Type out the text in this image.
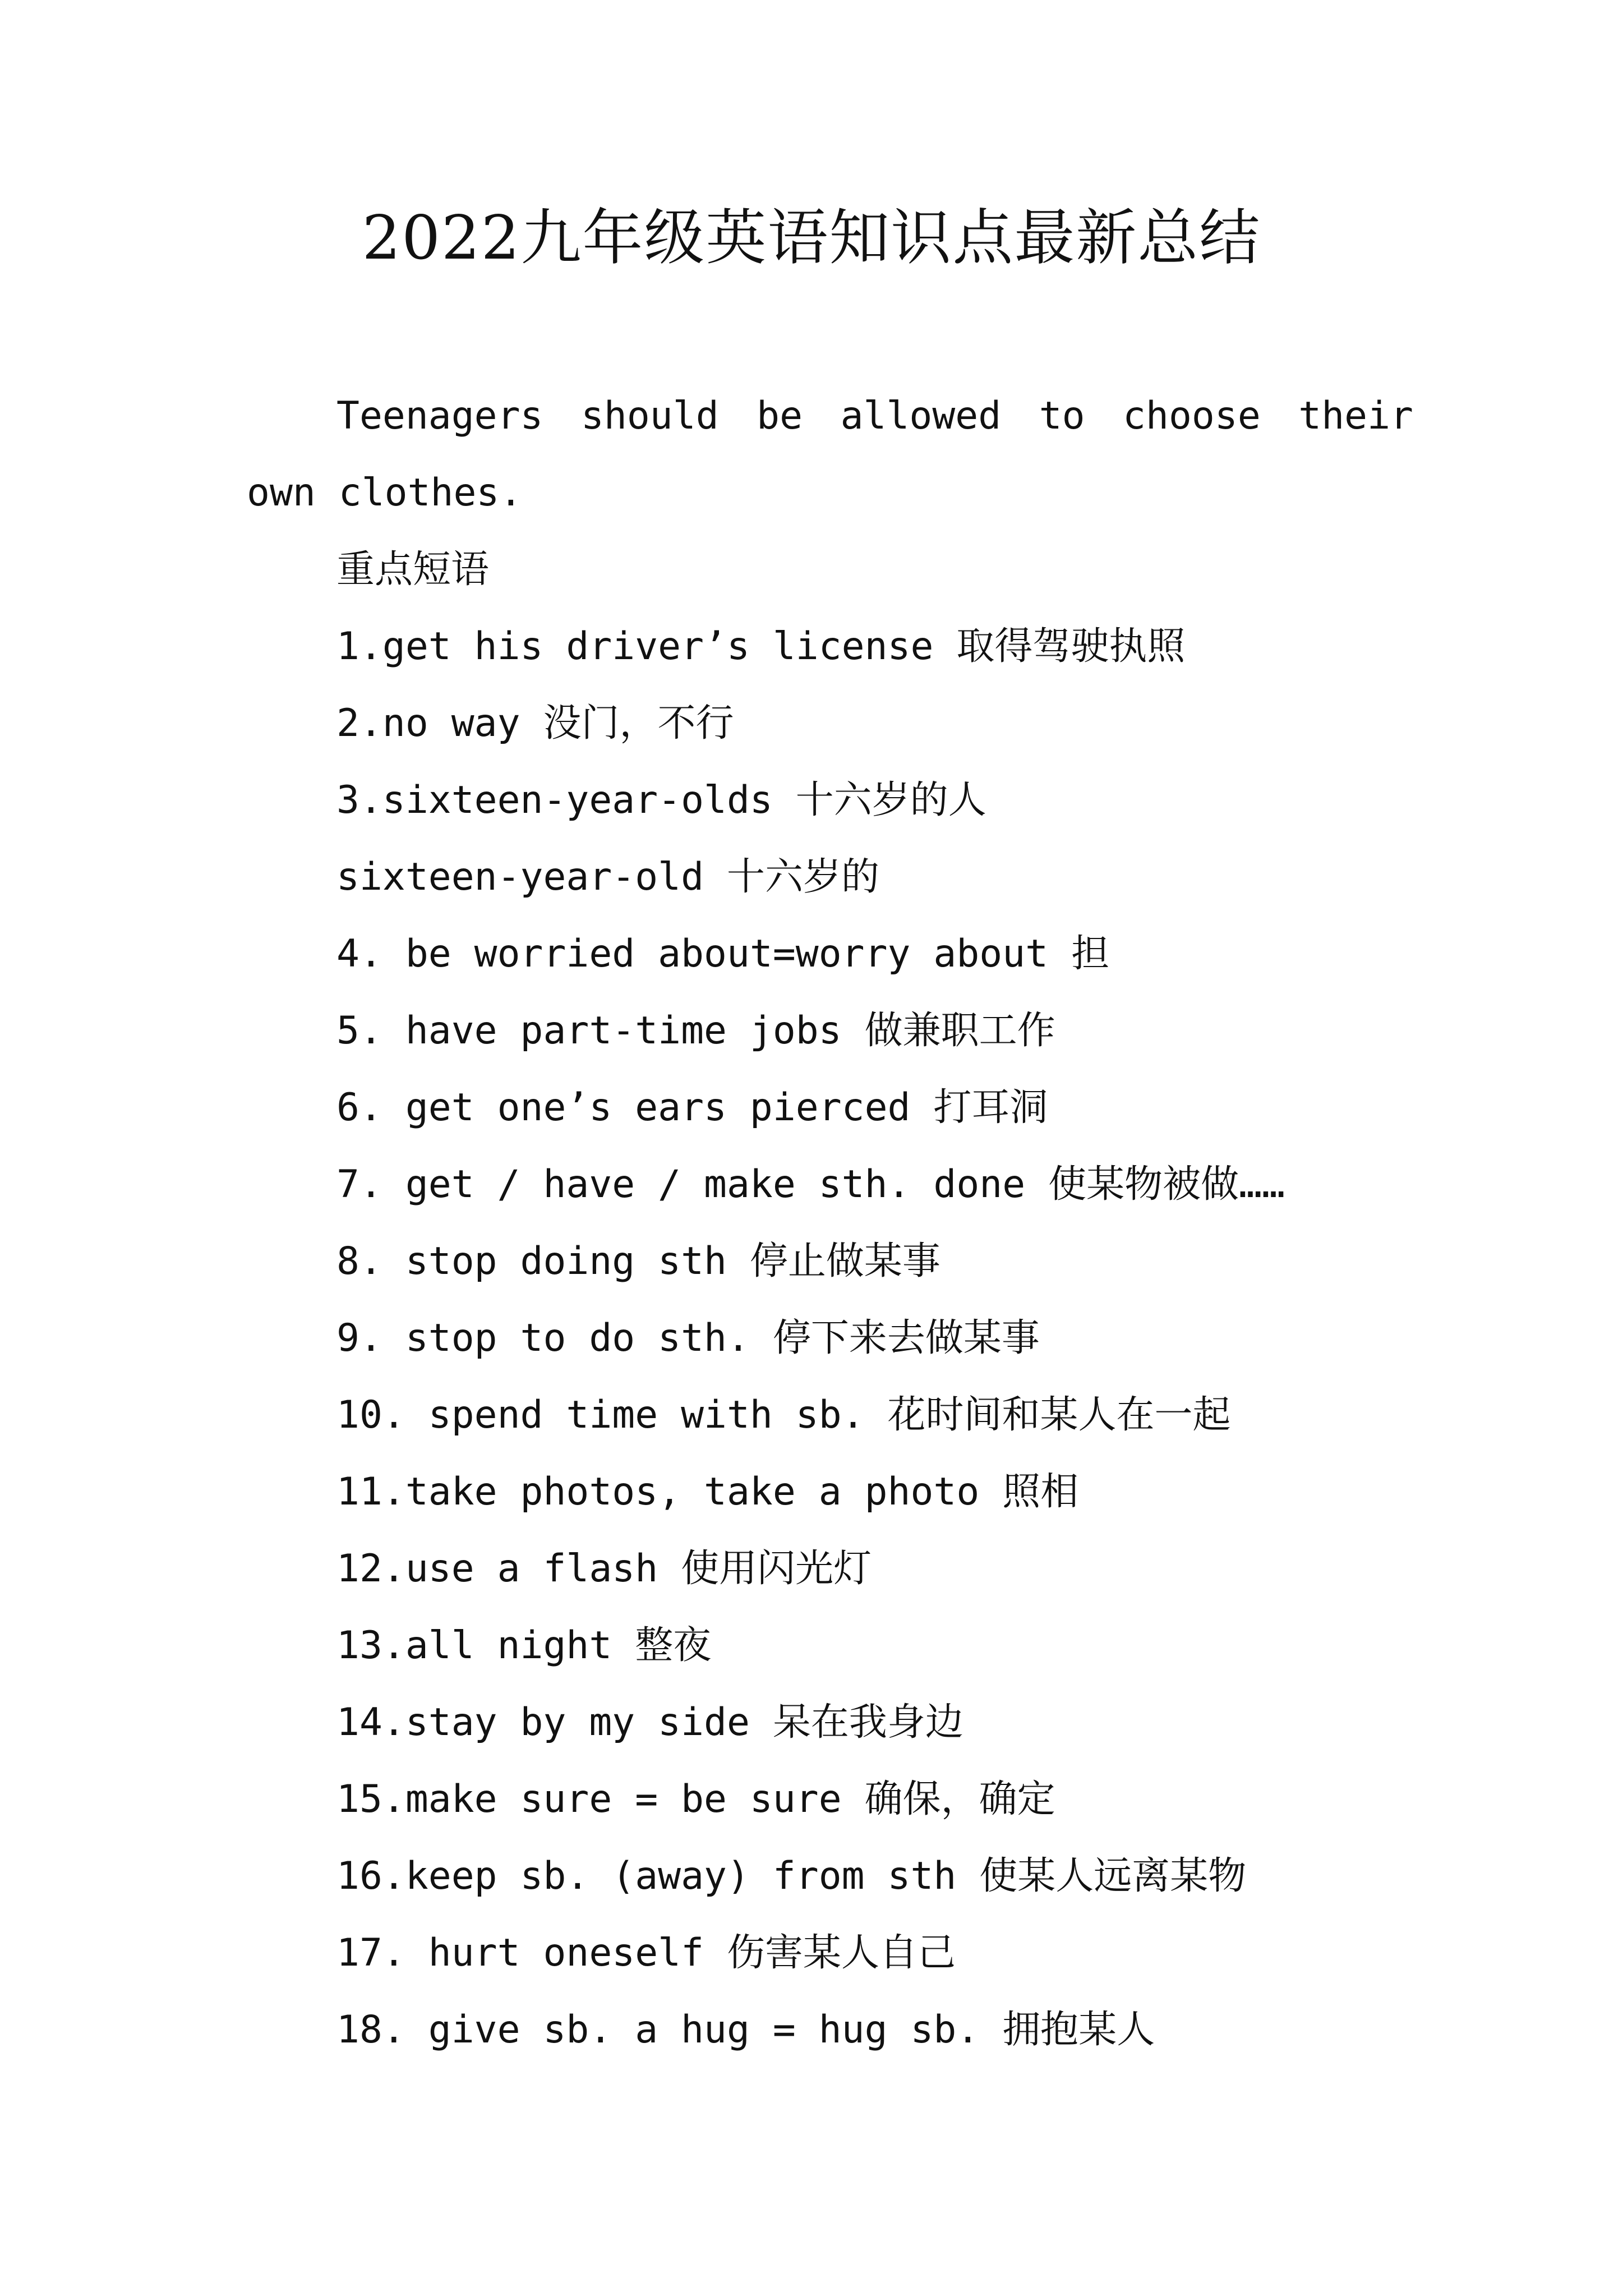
2022九年级英语知识点最新总结

Teenagers should be allowed to choose their own clothes.

重点短语

1.get his driver’s license 取得驾驶执照

2.no way 没门，不行

3.sixteen-year-olds 十六岁的人

sixteen-year-old 十六岁的

4. be worried about=worry about 担

5. have part-time jobs 做兼职工作

6. get one’s ears pierced 打耳洞

7. get / have / make sth. done 使某物被做……

8. stop doing sth 停止做某事

9. stop to do sth. 停下来去做某事

10. spend time with sb. 花时间和某人在一起

11.take photos, take a photo 照相

12.use a flash 使用闪光灯

13.all night 整夜

14.stay by my side 呆在我身边

15.make sure = be sure 确保，确定

16.keep sb. (away) from sth 使某人远离某物

17. hurt oneself 伤害某人自己

18. give sb. a hug = hug sb. 拥抱某人
